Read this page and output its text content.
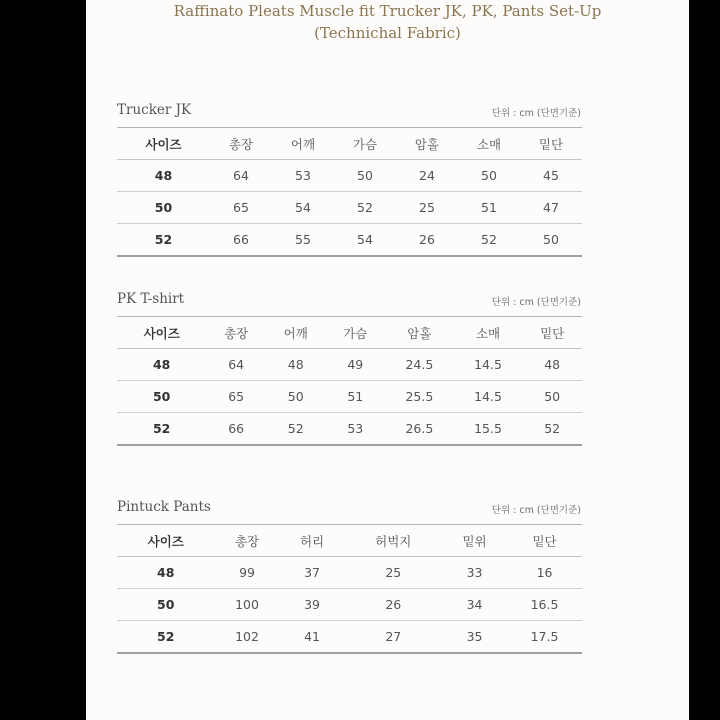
Raffinato Pleats Muscle fit Trucker JK, PK, Pants Set-Up
(Technichal Fabric)
Trucker JK	단위 : cm (단면기준)
사이즈	총장	어깨	가슴	암홀	소매	밑단
48	64	53	50	24	50	45
50	65	54	52	25	51	47
52	66	55	54	26	52	50
PK T-shirt	단위 : cm (단면기준)
사이즈	총장	어깨	가슴	암홀	소매	밑단
48	64	48	49	24.5	14.5	48
50	65	50	51	25.5	14.5	50
52	66	52	53	26.5	15.5	52
Pintuck Pants	단위 : cm (단면기준)
사이즈	총장	허리	허벅지	밑위	밑단
48	99	37	25	33	16
50	100	39	26	34	16.5
52	102	41	27	35	17.5
